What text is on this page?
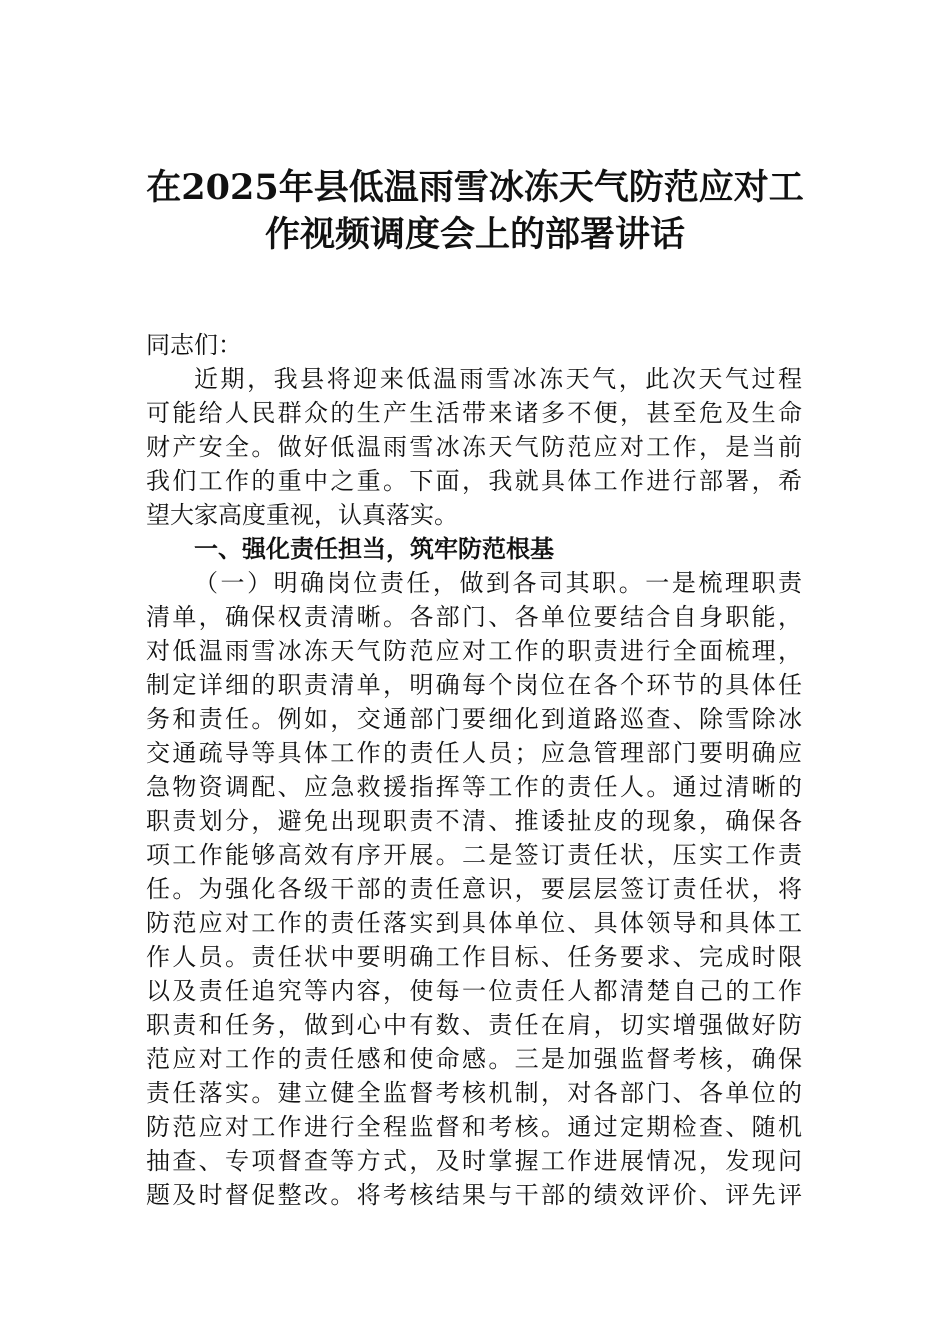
在2025年县低温雨雪冰冻天气防范应对工
作视频调度会上的部署讲话
同志们：
近期，我县将迎来低温雨雪冰冻天气，此次天气过程
可能给人民群众的生产生活带来诸多不便，甚至危及生命
财产安全。做好低温雨雪冰冻天气防范应对工作，是当前
我们工作的重中之重。下面，我就具体工作进行部署，希
望大家高度重视，认真落实。
一、强化责任担当，筑牢防范根基
（一）明确岗位责任，做到各司其职。一是梳理职责
清单，确保权责清晰。各部门、各单位要结合自身职能，
对低温雨雪冰冻天气防范应对工作的职责进行全面梳理，
制定详细的职责清单，明确每个岗位在各个环节的具体任
务和责任。例如，交通部门要细化到道路巡查、除雪除冰
交通疏导等具体工作的责任人员；应急管理部门要明确应
急物资调配、应急救援指挥等工作的责任人。通过清晰的
职责划分，避免出现职责不清、推诿扯皮的现象，确保各
项工作能够高效有序开展。二是签订责任状，压实工作责
任。为强化各级干部的责任意识，要层层签订责任状，将
防范应对工作的责任落实到具体单位、具体领导和具体工
作人员。责任状中要明确工作目标、任务要求、完成时限
以及责任追究等内容，使每一位责任人都清楚自己的工作
职责和任务，做到心中有数、责任在肩，切实增强做好防
范应对工作的责任感和使命感。三是加强监督考核，确保
责任落实。建立健全监督考核机制，对各部门、各单位的
防范应对工作进行全程监督和考核。通过定期检查、随机
抽查、专项督查等方式，及时掌握工作进展情况，发现问
题及时督促整改。将考核结果与干部的绩效评价、评先评
